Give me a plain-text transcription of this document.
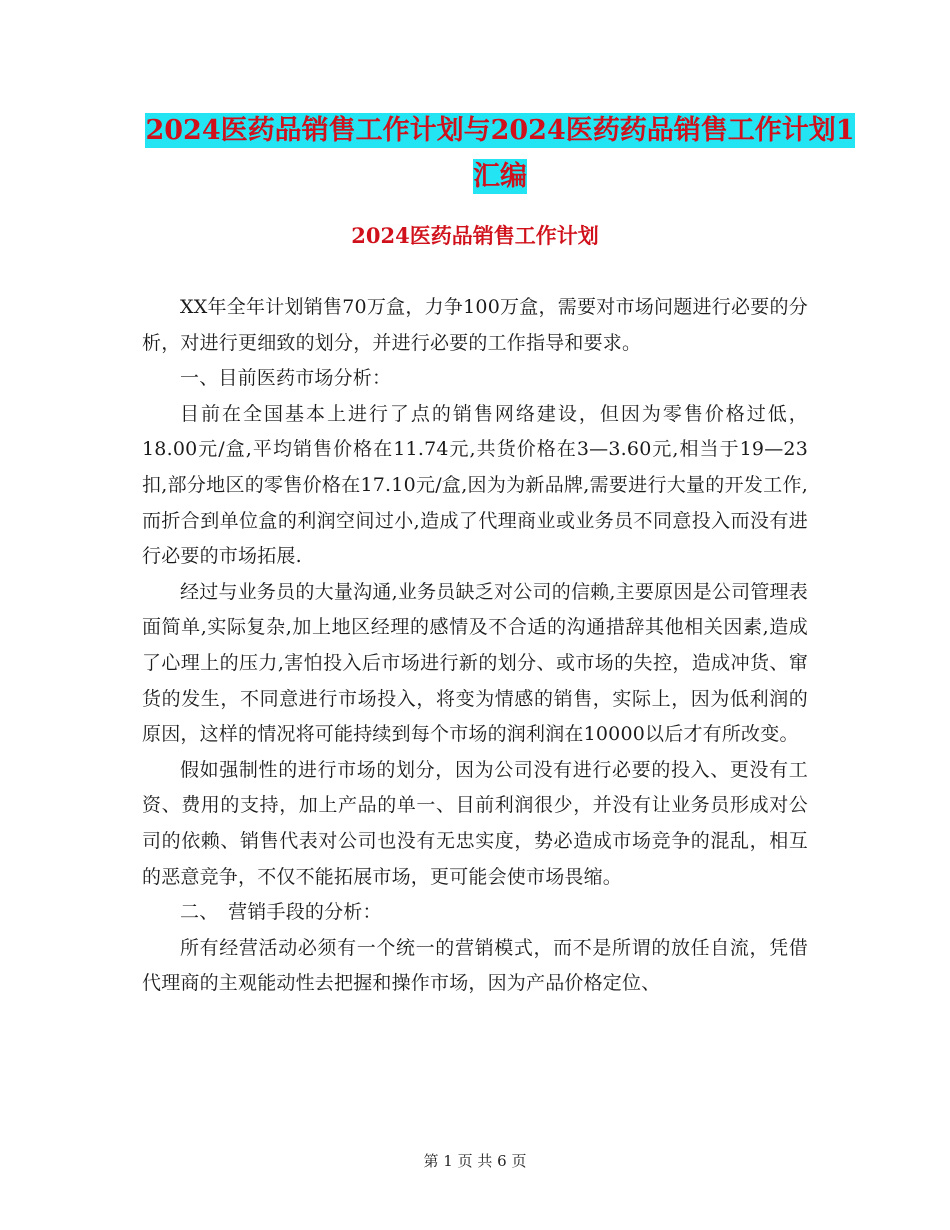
2024医药品销售工作计划与2024医药药品销售工作计划1汇编
2024医药品销售工作计划

XX年全年计划销售70万盒，力争100万盒，需要对市场问题进行必要的分析，对进行更细致的划分，并进行必要的工作指导和要求。

一、目前医药市场分析：

目前在全国基本上进行了点的销售网络建设，但因为零售价格过低，18.00元/盒,平均销售价格在11.74元,共货价格在3—3.60元,相当于19—23扣,部分地区的零售价格在17.10元/盒,因为为新品牌,需要进行大量的开发工作,而折合到单位盒的利润空间过小,造成了代理商业或业务员不同意投入而没有进行必要的市场拓展.

经过与业务员的大量沟通,业务员缺乏对公司的信赖,主要原因是公司管理表面简单,实际复杂,加上地区经理的感情及不合适的沟通措辞其他相关因素,造成了心理上的压力,害怕投入后市场进行新的划分、或市场的失控，造成冲货、窜货的发生，不同意进行市场投入，将变为情感的销售，实际上，因为低利润的原因，这样的情况将可能持续到每个市场的润利润在10000以后才有所改变。

假如强制性的进行市场的划分，因为公司没有进行必要的投入、更没有工资、费用的支持，加上产品的单一、目前利润很少，并没有让业务员形成对公司的依赖、销售代表对公司也没有无忠实度，势必造成市场竞争的混乱，相互的恶意竞争，不仅不能拓展市场，更可能会使市场畏缩。

二、　营销手段的分析：

所有经营活动必须有一个统一的营销模式，而不是所谓的放任自流，凭借代理商的主观能动性去把握和操作市场，因为产品价格定位、

第 1 页 共 6 页
